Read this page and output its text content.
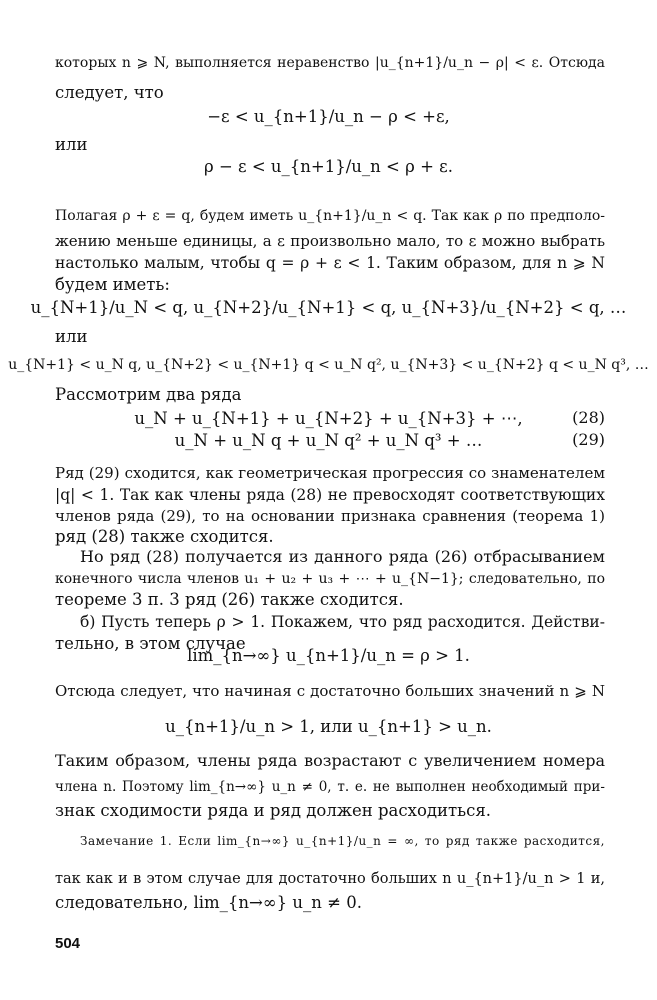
которых n ⩾ N, выполняется неравенство |u_{n+1}/u_n − ρ| < ε. Отсюда
следует, что
−ε < u_{n+1}/u_n − ρ < +ε,
или
ρ − ε < u_{n+1}/u_n < ρ + ε.
Полагая ρ + ε = q, будем иметь u_{n+1}/u_n < q. Так как ρ по предполо-
жению меньше единицы, а ε произвольно мало, то ε можно выбрать
настолько малым, чтобы q = ρ + ε < 1. Таким образом, для n ⩾ N
будем иметь:
u_{N+1}/u_N < q, u_{N+2}/u_{N+1} < q, u_{N+3}/u_{N+2} < q, …
или
u_{N+1} < u_N q, u_{N+2} < u_{N+1} q < u_N q², u_{N+3} < u_{N+2} q < u_N q³, …
Рассмотрим два ряда
u_N + u_{N+1} + u_{N+2} + u_{N+3} + ⋯,	(28)
u_N + u_N q + u_N q² + u_N q³ + …	(29)
Ряд (29) сходится, как геометрическая прогрессия со знаменателем
|q| < 1. Так как члены ряда (28) не превосходят соответствующих
членов ряда (29), то на основании признака сравнения (теорема 1)
ряд (28) также сходится.
Но ряд (28) получается из данного ряда (26) отбрасыванием
конечного числа членов u₁ + u₂ + u₃ + ⋯ + u_{N−1}; следовательно, по
теореме 3 п. 3 ряд (26) также сходится.
б) Пусть теперь ρ > 1. Покажем, что ряд расходится. Действи-
тельно, в этом случае
lim_{n→∞} u_{n+1}/u_n = ρ > 1.
Отсюда следует, что начиная с достаточно больших значений n ⩾ N
u_{n+1}/u_n > 1, или u_{n+1} > u_n.
Таким образом, члены ряда возрастают с увеличением номера
члена n. Поэтому lim_{n→∞} u_n ≠ 0, т. е. не выполнен необходимый при-
знак сходимости ряда и ряд должен расходиться.
Замечание 1. Если lim_{n→∞} u_{n+1}/u_n = ∞, то ряд также расходится,
так как и в этом случае для достаточно больших n u_{n+1}/u_n > 1 и,
следовательно, lim_{n→∞} u_n ≠ 0.
504
